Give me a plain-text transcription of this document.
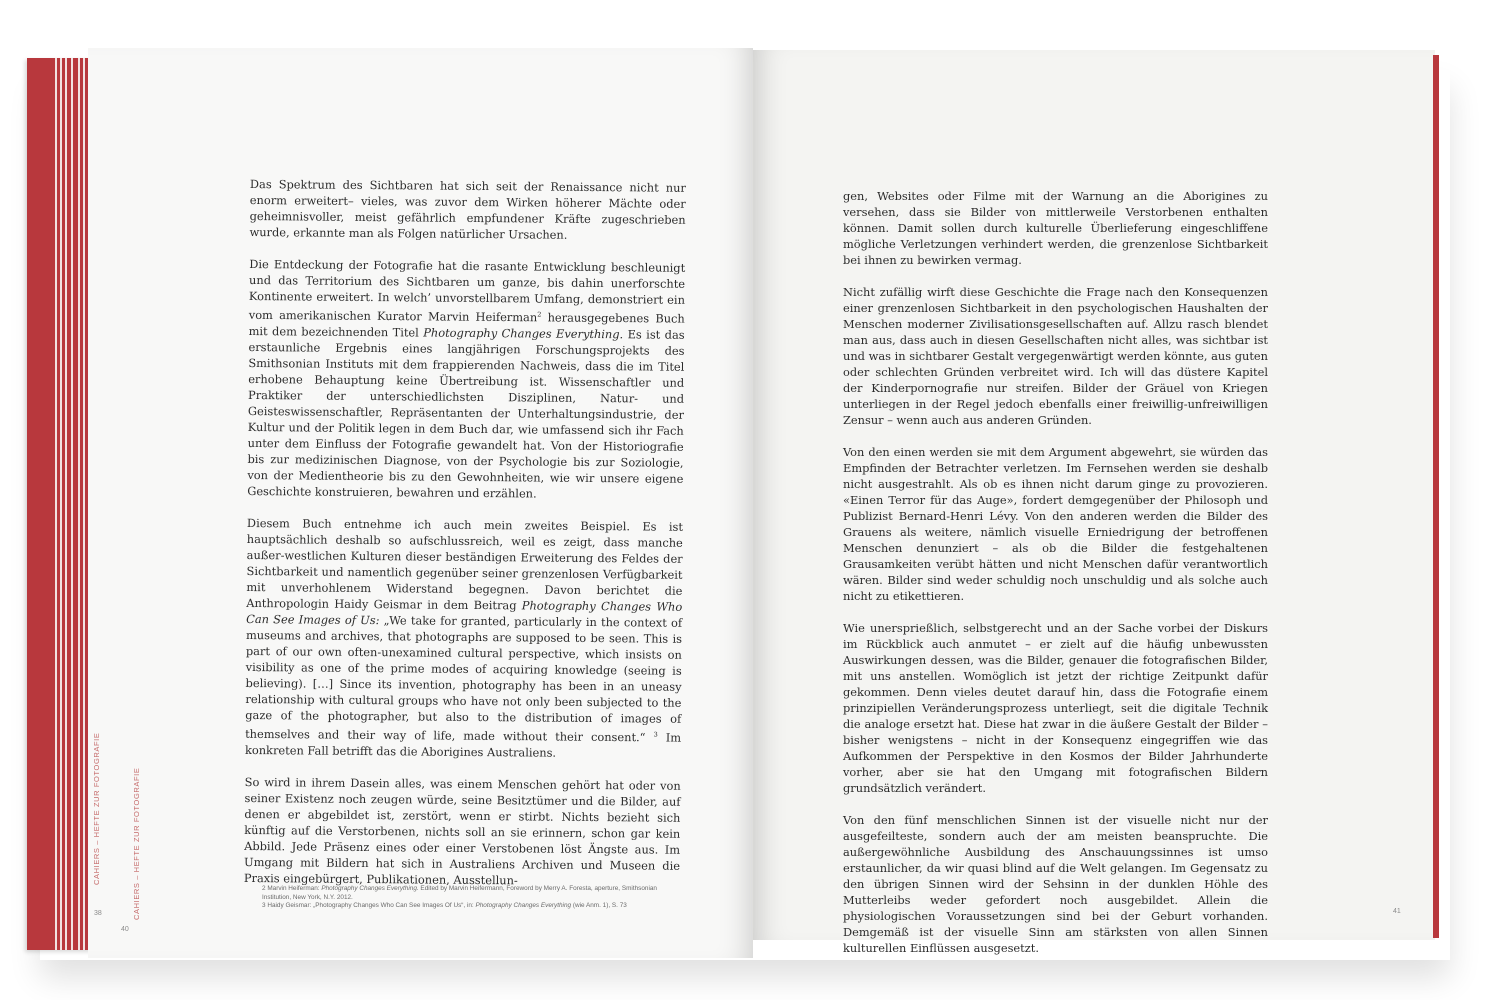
CAHIERS – HEFTE ZUR FOTOGRAFIE
38	CAHIERS – HEFTE ZUR FOTOGRAFIE
40

Das Spektrum des Sichtbaren hat sich seit der Renaissance nicht nur enorm erweitert– vieles, was zuvor dem Wirken höherer Mächte oder geheimnisvoller, meist gefährlich empfundener Kräfte zugeschrieben wurde, erkannte man als Folgen natürlicher Ursachen.

Die Entdeckung der Fotografie hat die rasante Entwicklung beschleunigt und das Territorium des Sichtbaren um ganze, bis dahin unerforschte Kontinente erweitert. In welch’ unvorstellbarem Umfang, demonstriert ein vom amerikanischen Kurator Marvin Heiferman$^2$ herausgegebenes Buch mit dem bezeichnenden Titel Photography Changes Everything. Es ist das erstaunliche Ergebnis eines langjährigen Forschungsprojekts des Smithsonian Instituts mit dem frappierenden Nachweis, dass die im Titel erhobene Behauptung keine Übertreibung ist. Wissenschaftler und Praktiker der unterschiedlichsten Disziplinen, Natur- und Geisteswissenschaftler, Repräsentanten der Unterhaltungsindustrie, der Kultur und der Politik legen in dem Buch dar, wie umfassend sich ihr Fach unter dem Einfluss der Fotografie gewandelt hat. Von der Historiografie bis zur medizinischen Diagnose, von der Psychologie bis zur Soziologie, von der Medientheorie bis zu den Gewohnheiten, wie wir unsere eigene Geschichte konstruieren, bewahren und erzählen.

Diesem Buch entnehme ich auch mein zweites Beispiel. Es ist hauptsächlich deshalb so aufschlussreich, weil es zeigt, dass manche außer-westlichen Kulturen dieser beständigen Erweiterung des Feldes der Sichtbarkeit und namentlich gegenüber seiner grenzenlosen Verfügbarkeit mit unverhohlenem Widerstand begegnen. Davon berichtet die Anthropologin Haidy Geismar in dem Beitrag Photography Changes Who Can See Images of Us: „We take for granted, particularly in the context of museums and archives, that photographs are supposed to be seen. This is part of our own often-unexamined cultural perspective, which insists on visibility as one of the prime modes of acquiring knowledge (seeing is believing). […] Since its invention, photography has been in an uneasy relationship with cultural groups who have not only been subjected to the gaze of the photographer, but also to the distribution of images of themselves and their way of life, made without their consent.“ $^3$ Im konkreten Fall betrifft das die Aborigines Australiens.

So wird in ihrem Dasein alles, was einem Menschen gehört hat oder von seiner Existenz noch zeugen würde, seine Besitztümer und die Bilder, auf denen er abgebildet ist, zerstört, wenn er stirbt. Nichts bezieht sich künftig auf die Verstorbenen, nichts soll an sie erinnern, schon gar kein Abbild. Jede Präsenz eines oder einer Verstobenen löst Ängste aus. Im Umgang mit Bildern hat sich in Australiens Archiven und Museen die Praxis eingebürgert, Publikationen, Ausstellun-

2 Marvin Heiferman: Photography Changes Everything. Edited by Marvin Heifermann, Foreword by Merry A. Foresta, aperture, Smithsonian Institution, New York, N.Y. 2012.

3 Haidy Geismar: „Photography Changes Who Can See Images Of Us“, in: Photography Changes Everything (wie Anm. 1), S. 73

gen, Websites oder Filme mit der Warnung an die Aborigines zu versehen, dass sie Bilder von mittlerweile Verstorbenen enthalten können. Damit sollen durch kulturelle Überlieferung eingeschliffene mögliche Verletzungen verhindert werden, die grenzenlose Sichtbarkeit bei ihnen zu bewirken vermag.

Nicht zufällig wirft diese Geschichte die Frage nach den Konsequenzen einer grenzenlosen Sichtbarkeit in den psychologischen Haushalten der Menschen moderner Zivilisationsgesellschaften auf. Allzu rasch blendet man aus, dass auch in diesen Gesellschaften nicht alles, was sichtbar ist und was in sichtbarer Gestalt vergegenwärtigt werden könnte, aus guten oder schlechten Gründen verbreitet wird. Ich will das düstere Kapitel der Kinderpornografie nur streifen. Bilder der Gräuel von Kriegen unterliegen in der Regel jedoch ebenfalls einer freiwillig-unfreiwilligen Zensur – wenn auch aus anderen Gründen.

Von den einen werden sie mit dem Argument abgewehrt, sie würden das Empfinden der Betrachter verletzen. Im Fernsehen werden sie deshalb nicht ausgestrahlt. Als ob es ihnen nicht darum ginge zu provozieren. «Einen Terror für das Auge», fordert demgegenüber der Philosoph und Publizist Bernard-Henri Lévy. Von den anderen werden die Bilder des Grauens als weitere, nämlich visuelle Erniedrigung der betroffenen Menschen denunziert – als ob die Bilder die festgehaltenen Grausamkeiten verübt hätten und nicht Menschen dafür verantwortlich wären. Bilder sind weder schuldig noch unschuldig und als solche auch nicht zu etikettieren.

Wie unersprießlich, selbstgerecht und an der Sache vorbei der Diskurs im Rückblick auch anmutet – er zielt auf die häufig unbewussten Auswirkungen dessen, was die Bilder, genauer die fotografischen Bilder, mit uns anstellen. Womöglich ist jetzt der richtige Zeitpunkt dafür gekommen. Denn vieles deutet darauf hin, dass die Fotografie einem prinzipiellen Veränderungsprozess unterliegt, seit die digitale Technik die analoge ersetzt hat. Diese hat zwar in die äußere Gestalt der Bilder – bisher wenigstens – nicht in der Konsequenz eingegriffen wie das Aufkommen der Perspektive in den Kosmos der Bilder Jahrhunderte vorher, aber sie hat den Umgang mit fotografischen Bildern grundsätzlich verändert.

Von den fünf menschlichen Sinnen ist der visuelle nicht nur der ausgefeilteste, sondern auch der am meisten beanspruchte. Die außergewöhnliche Ausbildung des Anschauungssinnes ist umso erstaunlicher, da wir quasi blind auf die Welt gelangen. Im Gegensatz zu den übrigen Sinnen wird der Sehsinn in der dunklen Höhle des Mutterleibs weder gefordert noch ausgebildet. Allein die physiologischen Voraussetzungen sind bei der Geburt vorhanden. Demgemäß ist der visuelle Sinn am stärksten von allen Sinnen kulturellen Einflüssen ausgesetzt.

41
